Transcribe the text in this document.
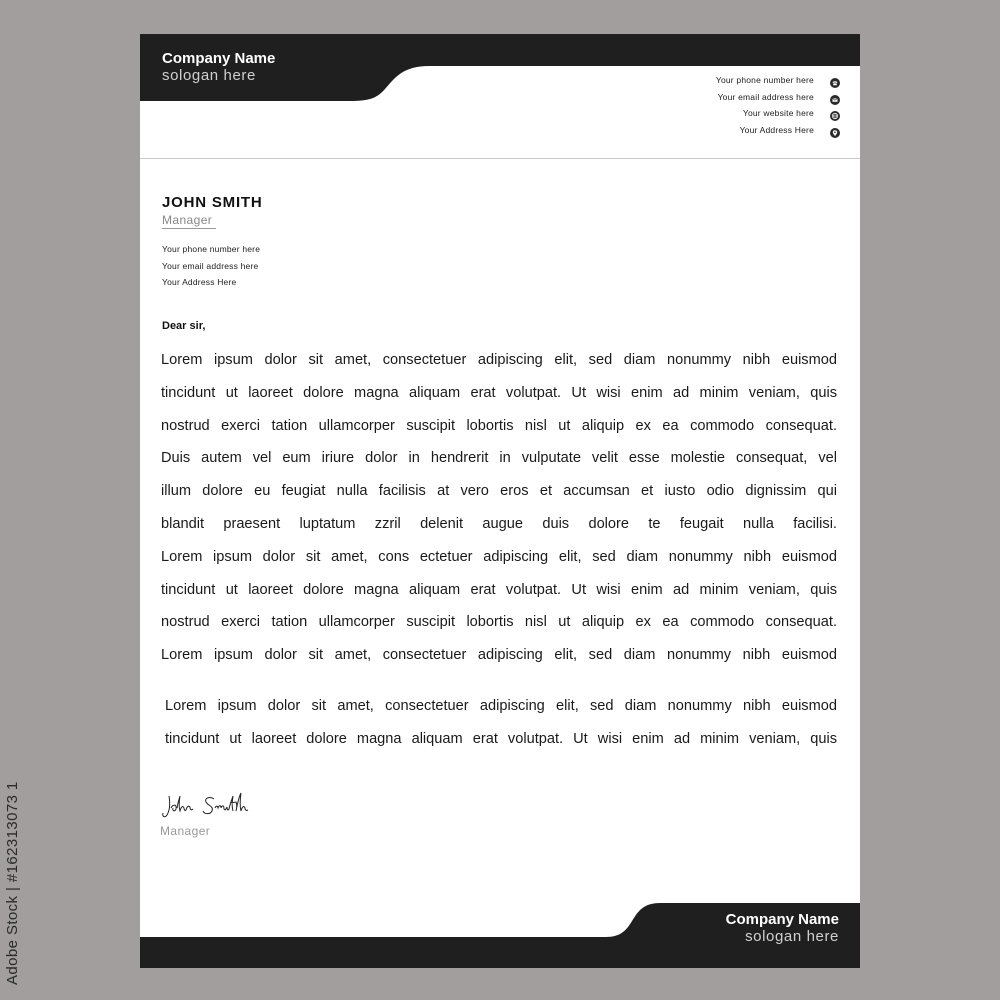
Company Name
sologan here	Your phone number here
Your email address here
Your website here
Your Address Here
JOHN SMITH
Manager
Your phone number here
Your email address here
Your Address Here
Dear sir,
Lorem ipsum dolor sit amet, consectetuer adipiscing elit, sed diam nonummy nibh euismod
tincidunt ut laoreet dolore magna aliquam erat volutpat. Ut wisi enim ad minim veniam, quis
nostrud exerci tation ullamcorper suscipit lobortis nisl ut aliquip ex ea commodo consequat.
Duis autem vel eum iriure dolor in hendrerit in vulputate velit esse molestie consequat, vel
illum dolore eu feugiat nulla facilisis at vero eros et accumsan et iusto odio dignissim qui
blandit praesent luptatum zzril delenit augue duis dolore te feugait nulla facilisi.
Lorem ipsum dolor sit amet, cons ectetuer adipiscing elit, sed diam nonummy nibh euismod
tincidunt ut laoreet dolore magna aliquam erat volutpat. Ut wisi enim ad minim veniam, quis
nostrud exerci tation ullamcorper suscipit lobortis nisl ut aliquip ex ea commodo consequat.
Lorem ipsum dolor sit amet, consectetuer adipiscing elit, sed diam nonummy nibh euismod
Lorem ipsum dolor sit amet, consectetuer adipiscing elit, sed diam nonummy nibh euismod
tincidunt ut laoreet dolore magna aliquam erat volutpat. Ut wisi enim ad minim veniam, quis
Manager
Company Name
sologan here
Adobe Stock | #162313073 1
